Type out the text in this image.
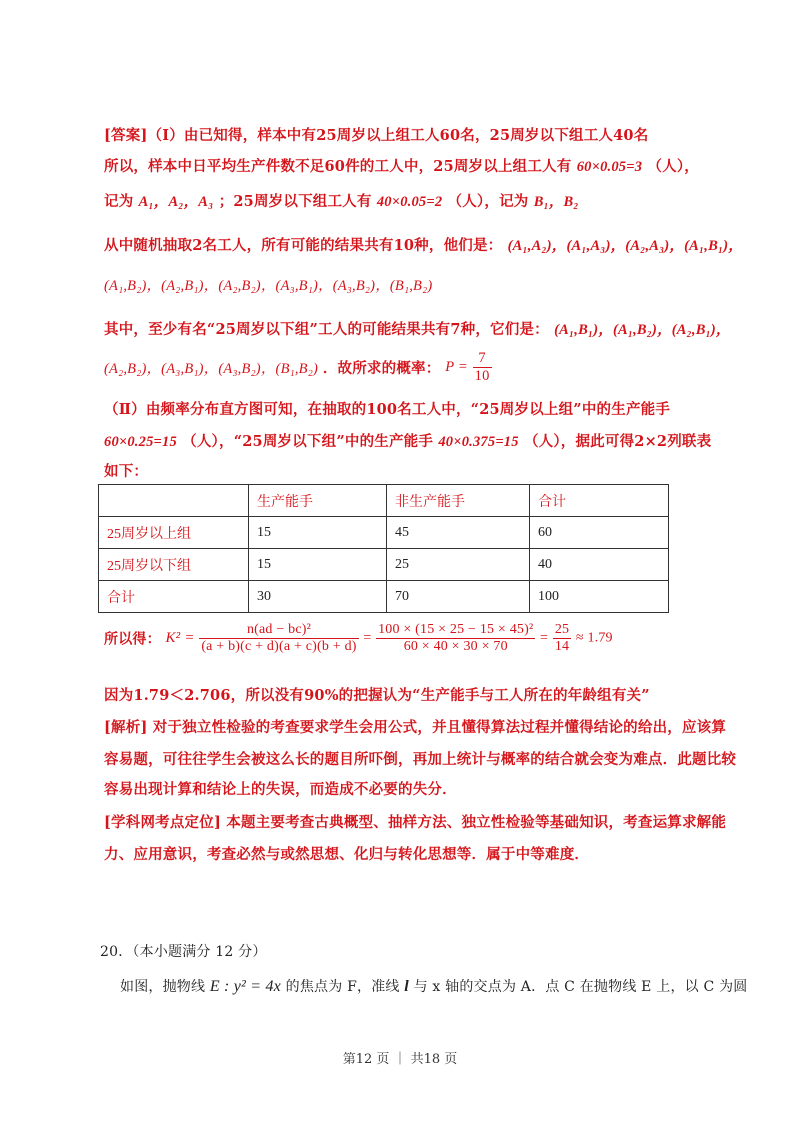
[答案]（Ⅰ）由已知得，样本中有25周岁以上组工人60名，25周岁以下组工人40名
所以，样本中日平均生产件数不足60件的工人中，25周岁以上组工人有 60×0.05=3 （人），
记为 A₁，A₂，A₃ ；25周岁以下组工人有 40×0.05=2 （人），记为 B₁，B₂
从中随机抽取2名工人，所有可能的结果共有10种，他们是： (A₁,A₂)，(A₁,A₃)，(A₂,A₃)，(A₁,B₁)，
(A₁,B₂)，(A₂,B₁)，(A₂,B₂)，(A₃,B₁)，(A₃,B₂)，(B₁,B₂)
其中，至少有名“25周岁以下组”工人的可能结果共有7种，它们是： (A₁,B₁)，(A₁,B₂)，(A₂,B₁)，
(A₂,B₂)，(A₃,B₁)，(A₃,B₂)，(B₁,B₂) ．故所求的概率： $P = \frac{7}{10}$
（Ⅱ）由频率分布直方图可知，在抽取的100名工人中，“25周岁以上组”中的生产能手
60×0.25=15 （人），“25周岁以下组”中的生产能手 40×0.375=15 （人），据此可得2×2列联表
如下：
	生产能手	非生产能手	合计
25周岁以上组	15	45	60
25周岁以下组	15	25	40
合计	30	70	100
所以得： $K^2 = \frac{\text{n(ad − bc)²}}{(a + b)(c + d)(a + c)(b + d)} = \frac{\text{100 × (15 × 25 − 15 × 45)²}}{60 \times 40 \times 30 \times 70} = \frac{25}{14} \approx 1.79$
因为1.79＜2.706，所以没有90%的把握认为“生产能手与工人所在的年龄组有关”
[解析] 对于独立性检验的考查要求学生会用公式，并且懂得算法过程并懂得结论的给出，应该算
容易题，可往往学生会被这么长的题目所吓倒，再加上统计与概率的结合就会变为难点．此题比较
容易出现计算和结论上的失误，而造成不必要的失分．
[学科网考点定位] 本题主要考查古典概型、抽样方法、独立性检验等基础知识，考查运算求解能
力、应用意识，考查必然与或然思想、化归与转化思想等．属于中等难度．
20．（本小题满分 12 分）
如图，抛物线 E : y² = 4x 的焦点为 F，准线 l 与 x 轴的交点为 A．点 C 在抛物线 E 上，以 C 为圆
第12 页 ｜ 共18 页
